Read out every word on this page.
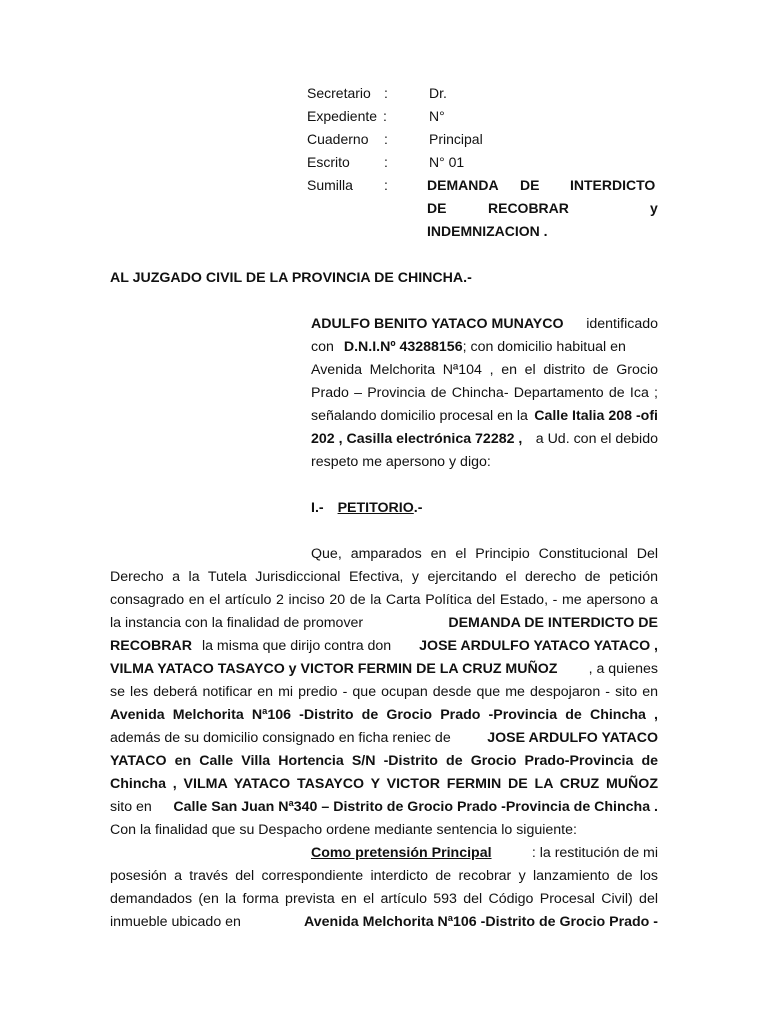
Secretario :	Dr.
Expediente :	N°
Cuaderno :	Principal
Escrito :	N° 01
Sumilla :	DEMANDA DE INTERDICTO
DE	RECOBRAR	y
INDEMNIZACION .
AL JUZGADO CIVIL DE LA PROVINCIA DE CHINCHA.-
ADULFO BENITO YATACO MUNAYCO identificado
con D.N.I.Nº 43288156; con domicilio habitual en
Avenida Melchorita Nª104 , en el distrito de Grocio
Prado – Provincia de Chincha- Departamento de Ica ;
señalando domicilio procesal en la Calle Italia 208 -ofi
202 , Casilla electrónica 72282 , a Ud. con el debido
respeto me apersono y digo:
I.- PETITORIO.-
Que, amparados en el Principio Constitucional Del
Derecho a la Tutela Jurisdiccional Efectiva, y ejercitando el derecho de petición
consagrado en el artículo 2 inciso 20 de la Carta Política del Estado, - me apersono a
la instancia con la finalidad de promover	DEMANDA DE INTERDICTO DE
RECOBRAR la misma que dirijo contra don JOSE ARDULFO YATACO YATACO ,
VILMA YATACO TASAYCO y VICTOR FERMIN DE LA CRUZ MUÑOZ , a quienes
se les deberá notificar en mi predio - que ocupan desde que me despojaron - sito en
Avenida Melchorita Nª106 -Distrito de Grocio Prado -Provincia de Chincha ,
además de su domicilio consignado en ficha reniec de	JOSE ARDULFO YATACO
YATACO en Calle Villa Hortencia S/N -Distrito de Grocio Prado-Provincia de
Chincha , VILMA YATACO TASAYCO Y VICTOR FERMIN DE LA CRUZ MUÑOZ
sito en Calle San Juan Nª340 – Distrito de Grocio Prado -Provincia de Chincha .
Con la finalidad que su Despacho ordene mediante sentencia lo siguiente:
Como pretensión Principal	: la restitución de mi
posesión a través del correspondiente interdicto de recobrar y lanzamiento de los
demandados (en la forma prevista en el artículo 593 del Código Procesal Civil) del
inmueble ubicado en	Avenida Melchorita Nª106 -Distrito de Grocio Prado -
